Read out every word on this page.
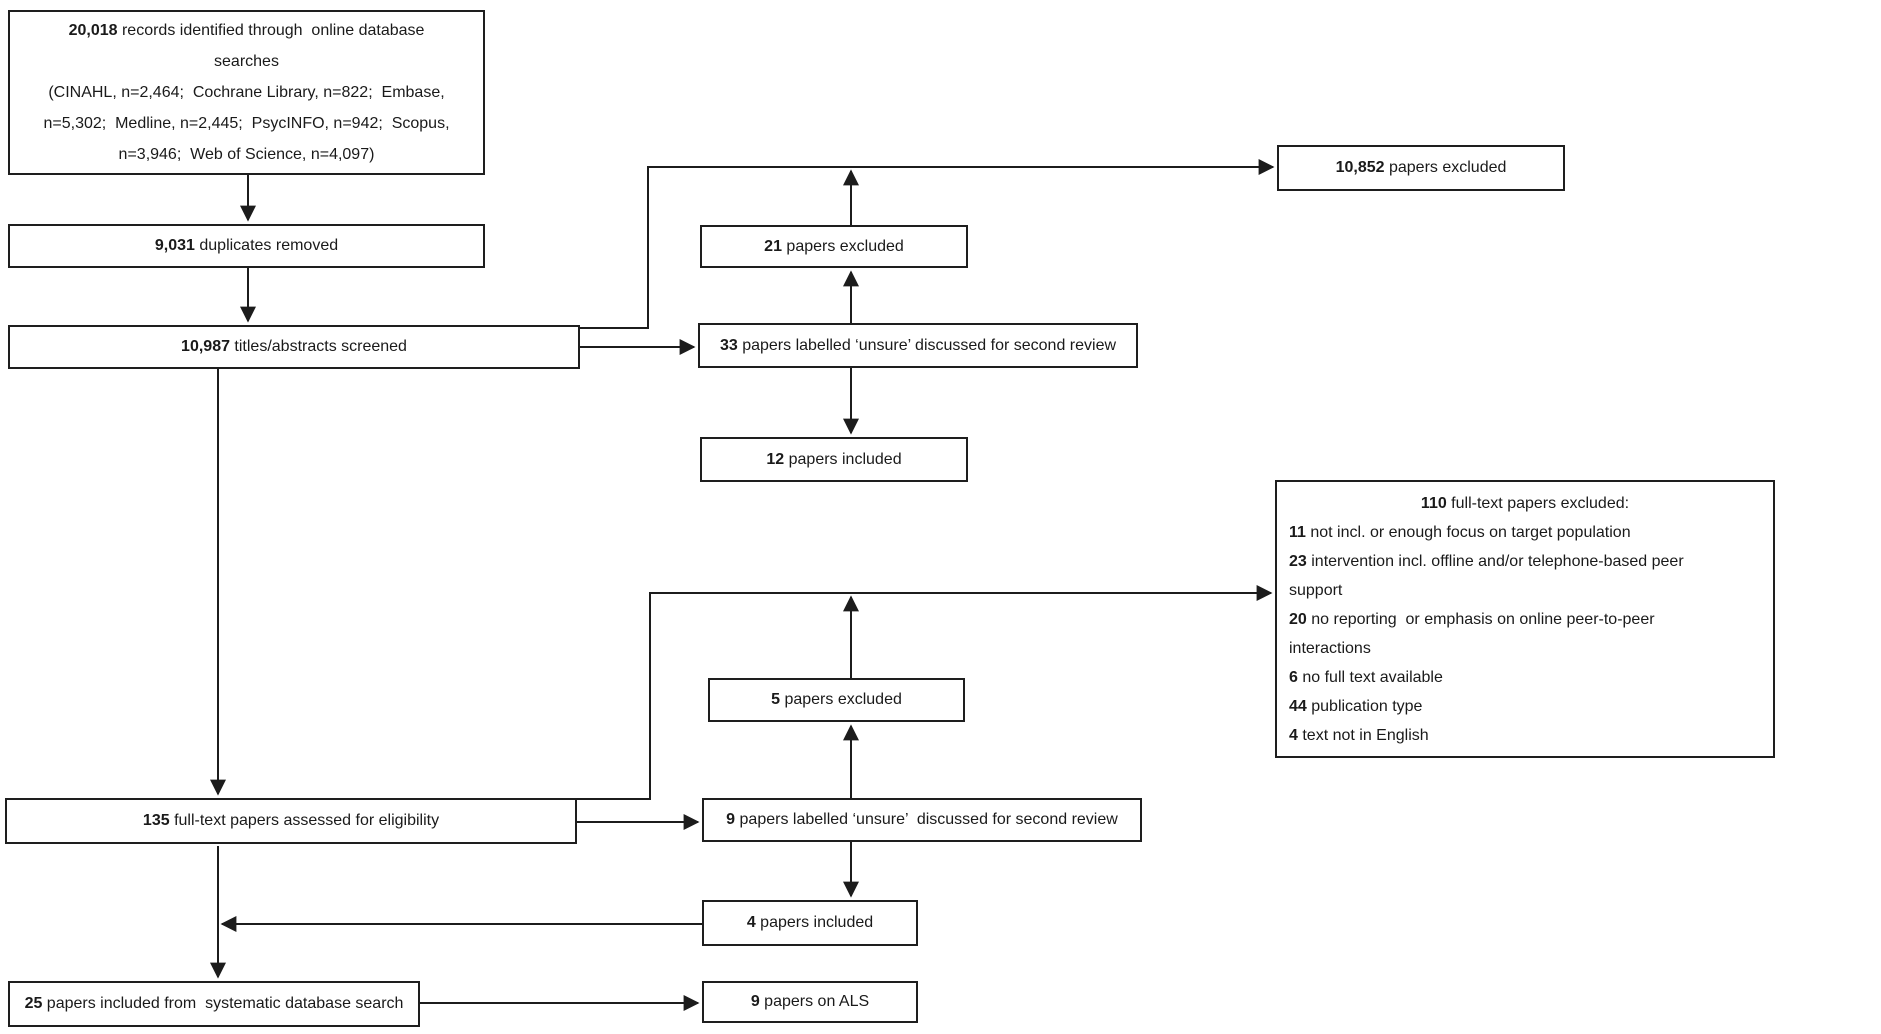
20,018 records identified through  online database
searches
(CINAHL, n=2,464;  Cochrane Library, n=822;  Embase,
n=5,302;  Medline, n=2,445;  PsycINFO, n=942;  Scopus,
n=3,946;  Web of Science, n=4,097)
9,031 duplicates removed
10,987 titles/abstracts screened
10,852 papers excluded
21 papers excluded
33 papers labelled ‘unsure’ discussed for second review
12 papers included
110 full-text papers excluded:
11 not incl. or enough focus on target population
23 intervention incl. offline and/or telephone-based peer
support
20 no reporting  or emphasis on online peer-to-peer
interactions
6 no full text available
44 publication type
4 text not in English
5 papers excluded
135 full-text papers assessed for eligibility	9 papers labelled ‘unsure’  discussed for second review
4 papers included
25 papers included from  systematic database search	9 papers on ALS
